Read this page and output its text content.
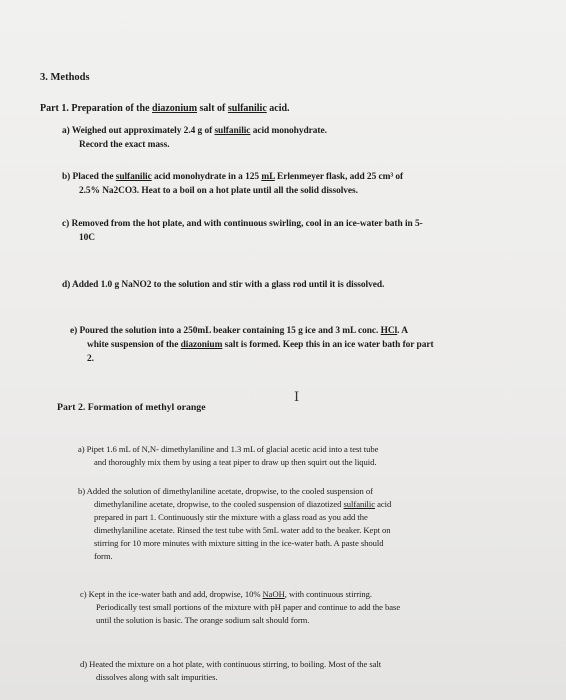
3. Methods
Part 1. Preparation of the diazonium salt of sulfanilic acid.
a) Weighed out approximately 2.4 g of sulfanilic acid monohydrate.
Record the exact mass.
b) Placed the sulfanilic acid monohydrate in a 125 mL Erlenmeyer flask, add 25 cm³ of
2.5% Na2CO3. Heat to a boil on a hot plate until all the solid dissolves.
c) Removed from the hot plate, and with continuous swirling, cool in an ice-water bath in 5-
10C
d) Added 1.0 g NaNO2 to the solution and stir with a glass rod until it is dissolved.
e) Poured the solution into a 250mL beaker containing 15 g ice and 3 mL conc. HCl. A
white suspension of the diazonium salt is formed. Keep this in an ice water bath for part
2.
I
Part 2. Formation of methyl orange
a) Pipet 1.6 mL of N,N- dimethylaniline and 1.3 mL of glacial acetic acid into a test tube
and thoroughly mix them by using a teat piper to draw up then squirt out the liquid.
b) Added the solution of dimethylaniline acetate, dropwise, to the cooled suspension of
dimethylaniline acetate, dropwise, to the cooled suspension of diazotized sulfanilic acid
prepared in part 1. Continuously stir the mixture with a glass road as you add the
dimethylaniline acetate. Rinsed the test tube with 5mL water add to the beaker. Kept on
stirring for 10 more minutes with mixture sitting in the ice-water bath. A paste should
form.
c) Kept in the ice-water bath and add, dropwise, 10% NaOH, with continuous stirring.
Periodically test small portions of the mixture with pH paper and continue to add the base
until the solution is basic. The orange sodium salt should form.
d) Heated the mixture on a hot plate, with continuous stirring, to boiling. Most of the salt
dissolves along with salt impurities.
